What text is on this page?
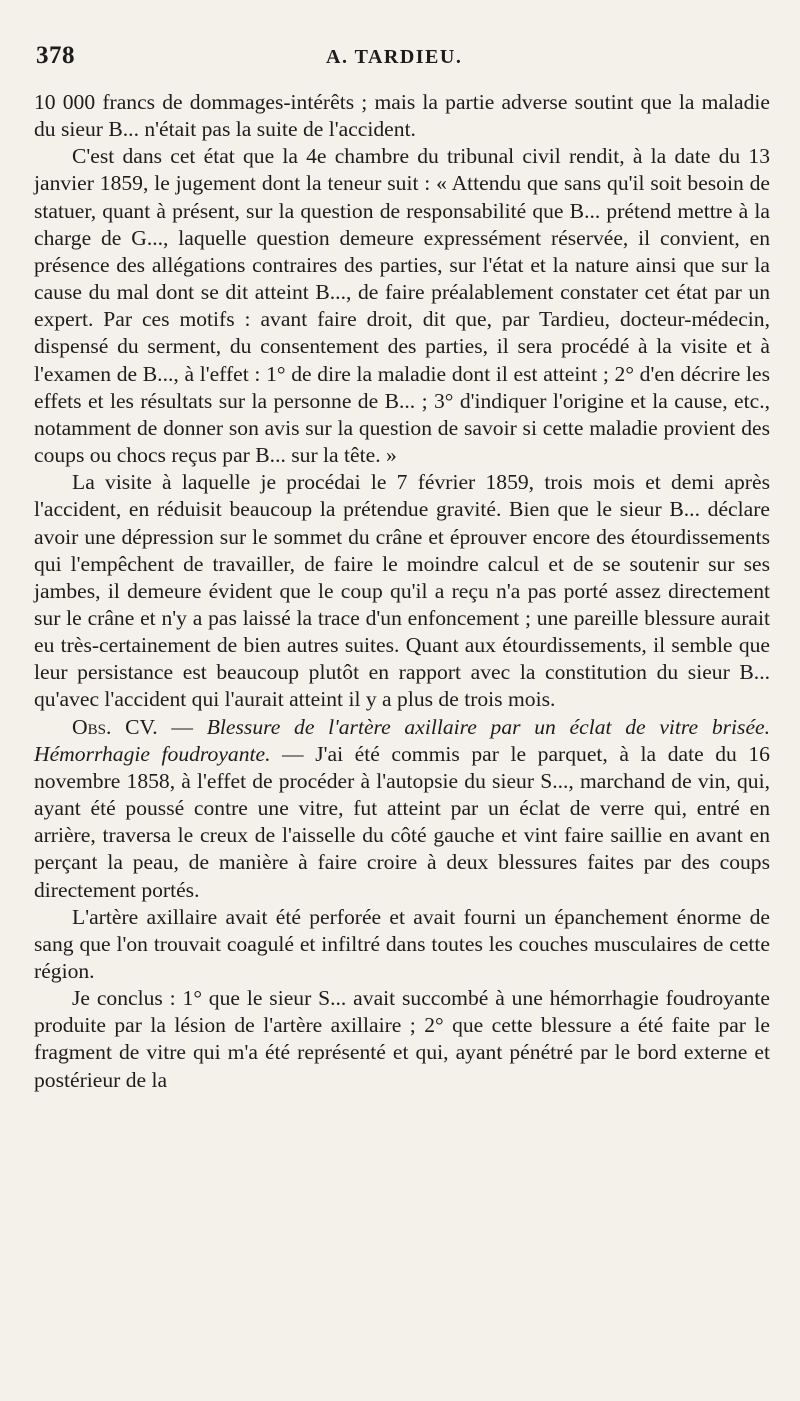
378	A. TARDIEU.

10 000 francs de dommages-intérêts ; mais la partie adverse soutint que la maladie du sieur B... n'était pas la suite de l'accident.

C'est dans cet état que la 4e chambre du tribunal civil rendit, à la date du 13 janvier 1859, le jugement dont la teneur suit : « Attendu que sans qu'il soit besoin de statuer, quant à présent, sur la question de responsabilité que B... prétend mettre à la charge de G..., laquelle question demeure expressément réservée, il convient, en présence des allégations contraires des parties, sur l'état et la nature ainsi que sur la cause du mal dont se dit atteint B..., de faire préalablement constater cet état par un expert. Par ces motifs : avant faire droit, dit que, par Tardieu, docteur-médecin, dispensé du serment, du consentement des parties, il sera procédé à la visite et à l'examen de B..., à l'effet : 1° de dire la maladie dont il est atteint ; 2° d'en décrire les effets et les résultats sur la personne de B... ; 3° d'indiquer l'origine et la cause, etc., notamment de donner son avis sur la question de savoir si cette maladie provient des coups ou chocs reçus par B... sur la tête. »

La visite à laquelle je procédai le 7 février 1859, trois mois et demi après l'accident, en réduisit beaucoup la prétendue gravité. Bien que le sieur B... déclare avoir une dépression sur le sommet du crâne et éprouver encore des étourdissements qui l'empêchent de travailler, de faire le moindre calcul et de se soutenir sur ses jambes, il demeure évident que le coup qu'il a reçu n'a pas porté assez directement sur le crâne et n'y a pas laissé la trace d'un enfoncement ; une pareille blessure aurait eu très-certainement de bien autres suites. Quant aux étourdissements, il semble que leur persistance est beaucoup plutôt en rapport avec la constitution du sieur B... qu'avec l'accident qui l'aurait atteint il y a plus de trois mois.

Obs. CV. — Blessure de l'artère axillaire par un éclat de vitre brisée. Hémorrhagie foudroyante. — J'ai été commis par le parquet, à la date du 16 novembre 1858, à l'effet de procéder à l'autopsie du sieur S..., marchand de vin, qui, ayant été poussé contre une vitre, fut atteint par un éclat de verre qui, entré en arrière, traversa le creux de l'aisselle du côté gauche et vint faire saillie en avant en perçant la peau, de manière à faire croire à deux blessures faites par des coups directement portés.

L'artère axillaire avait été perforée et avait fourni un épanchement énorme de sang que l'on trouvait coagulé et infiltré dans toutes les couches musculaires de cette région.

Je conclus : 1° que le sieur S... avait succombé à une hémorrhagie foudroyante produite par la lésion de l'artère axillaire ; 2° que cette blessure a été faite par le fragment de vitre qui m'a été représenté et qui, ayant pénétré par le bord externe et postérieur de la
